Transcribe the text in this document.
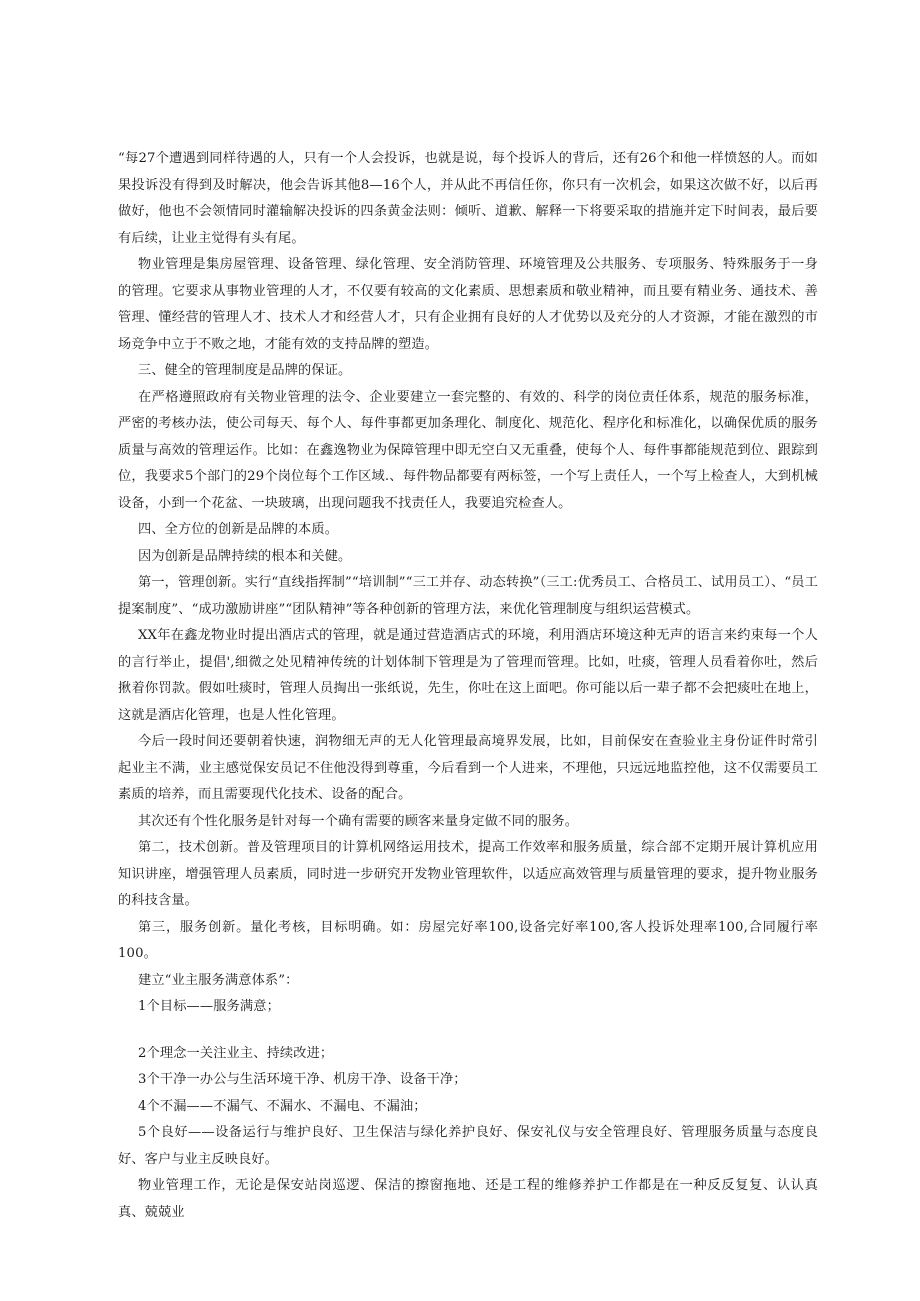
“每27个遭遇到同样待遇的人，只有一个人会投诉，也就是说，每个投诉人的背后，还有26个和他一样愤怒的人。而如果投诉没有得到及时解决，他会告诉其他8—16个人，并从此不再信任你，你只有一次机会，如果这次做不好，以后再做好，他也不会领情同时灌输解决投诉的四条黄金法则：倾听、道歉、解释一下将要采取的措施并定下时间表，最后要有后续，让业主觉得有头有尾。

物业管理是集房屋管理、设备管理、绿化管理、安全消防管理、环境管理及公共服务、专项服务、特殊服务于一身的管理。它要求从事物业管理的人才，不仅要有较高的文化素质、思想素质和敬业精神，而且要有精业务、通技术、善管理、懂经营的管理人才、技术人才和经营人才，只有企业拥有良好的人才优势以及充分的人才资源，才能在激烈的市场竞争中立于不败之地，才能有效的支持品牌的塑造。

三、健全的管理制度是品牌的保证。

在严格遵照政府有关物业管理的法令、企业要建立一套完整的、有效的、科学的岗位责任体系，规范的服务标准，严密的考核办法，使公司每天、每个人、每件事都更加条理化、制度化、规范化、程序化和标准化，以确保优质的服务质量与高效的管理运作。比如：在鑫逸物业为保障管理中即无空白又无重叠，使每个人、每件事都能规范到位、跟踪到位，我要求5个部门的29个岗位每个工作区域.、每件物品都要有两标签，一个写上责任人，一个写上检查人，大到机械设备，小到一个花盆、一块玻璃，出现问题我不找责任人，我要追究检查人。

四、全方位的创新是品牌的本质。

因为创新是品牌持续的根本和关健。

第一，管理创新。实行“直线指挥制”“培训制”“三工并存、动态转换”（三工:优秀员工、合格员工、试用员工）、“员工提案制度”、“成功激励讲座”“团队精神”等各种创新的管理方法，来优化管理制度与组织运营模式。

XX年在鑫龙物业时提出酒店式的管理，就是通过营造酒店式的环境，利用酒店环境这种无声的语言来约束每一个人的言行举止，提倡',细微之处见精神传统的计划体制下管理是为了管理而管理。比如，吐痰，管理人员看着你吐，然后揪着你罚款。假如吐痰时，管理人员掏出一张纸说，先生，你吐在这上面吧。你可能以后一辈子都不会把痰吐在地上，这就是酒店化管理，也是人性化管理。

今后一段时间还要朝着快速，润物细无声的无人化管理最高境界发展，比如，目前保安在查验业主身份证件时常引起业主不满，业主感觉保安员记不住他没得到尊重，今后看到一个人进来，不理他，只远远地监控他，这不仅需要员工素质的培养，而且需要现代化技术、设备的配合。

其次还有个性化服务是针对每一个确有需要的顾客来量身定做不同的服务。

第二，技术创新。普及管理项目的计算机网络运用技术，提高工作效率和服务质量，综合部不定期开展计算机应用知识讲座，增强管理人员素质，同时进一步研究开发物业管理软件，以适应高效管理与质量管理的要求，提升物业服务的科技含量。

第三，服务创新。量化考核，目标明确。如：房屋完好率100,设备完好率100,客人投诉处理率100,合同履行率100。

建立“业主服务满意体系”：

1个目标——服务满意；

2个理念一关注业主、持续改进；

3个干净一办公与生活环境干净、机房干净、设备干净；

4个不漏——不漏气、不漏水、不漏电、不漏油；

5个良好——设备运行与维护良好、卫生保洁与绿化养护良好、保安礼仪与安全管理良好、管理服务质量与态度良好、客户与业主反映良好。

物业管理工作，无论是保安站岗巡逻、保洁的擦窗拖地、还是工程的维修养护工作都是在一种反反复复、认认真真、兢兢业
